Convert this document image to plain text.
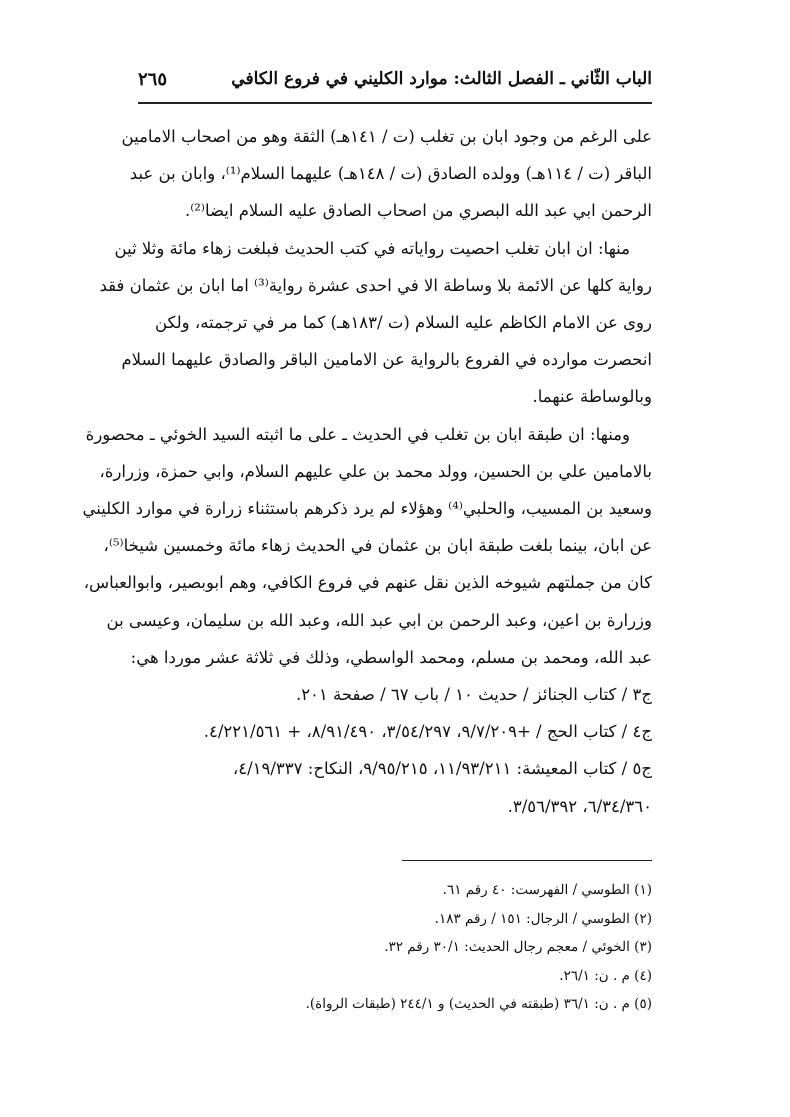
الباب الثّاني ـ الفصل الثالث: موارد الكليني في فروع الكافي
٢٦٥

على الرغم من وجود ابان بن تغلب (ت / ١٤١هـ) الثقة وهو من اصحاب الامامين
الباقر (ت / ١١٤هـ) وولده الصادق (ت / ١٤٨هـ) عليهما السلام⁽¹⁾، وابان بن عبد
الرحمن ابي عبد الله البصري من اصحاب الصادق عليه السلام ايضا⁽²⁾.

منها: ان ابان تغلب احصيت رواياته في كتب الحديث فبلغت زهاء مائة وثلا ثين
رواية كلها عن الائمة بلا وساطة الا في احدى عشرة رواية⁽³⁾ اما ابان بن عثمان فقد
روى عن الامام الكاظم عليه السلام (ت /١٨٣هـ) كما مر في ترجمته، ولكن
انحصرت موارده في الفروع بالرواية عن الامامين الباقر والصادق عليهما السلام
وبالوساطة عنهما.

ومنها: ان طبقة ابان بن تغلب في الحديث ـ على ما اثبته السيد الخوئي ـ محصورة
بالامامين علي بن الحسين، وولد محمد بن علي عليهم السلام، وابي حمزة، وزرارة،
وسعيد بن المسيب، والحلبي⁽⁴⁾ وهؤلاء لم يرد ذكرهم باستثناء زرارة في موارد الكليني
عن ابان، بينما بلغت طبقة ابان بن عثمان في الحديث زهاء مائة وخمسين شيخا⁽⁵⁾،
كان من جملتهم شيوخه الذين نقل عنهم في فروع الكافي، وهم ابوبصير، وابوالعباس،
وزرارة بن اعين، وعبد الرحمن بن ابي عبد الله، وعبد الله بن سليمان، وعيسى بن
عبد الله، ومحمد بن مسلم، ومحمد الواسطي، وذلك في ثلاثة عشر موردا هي:
ج٣ / كتاب الجنائز / حديث ١٠ / باب ٦٧ / صفحة ٢٠١.
ج٤ / كتاب الحج / +٩/٧/٢٠٩، ٣/٥٤/٢٩٧، ٨/٩١/٤٩٠، + ٤/٢٢١/٥٦١.
ج٥ / كتاب المعيشة: ١١/٩٣/٢١١، ٩/٩٥/٢١٥، النكاح: ٤/١٩/٣٣٧،
٦/٣٤/٣٦٠، ٣/٥٦/٣٩٢.

(١) الطوسي / الفهرست: ٤٠ رقم ٦١.
(٢) الطوسي / الرجال: ١٥١ / رقم ١٨٣.
(٣) الخوئي / معجم رجال الحديث: ٣٠/١ رقم ٣٢.
(٤) م . ن: ٢٦/١.
(٥) م . ن: ٣٦/١ (طبقته في الحديث) و ٢٤٤/١ (طبقات الرواة).
